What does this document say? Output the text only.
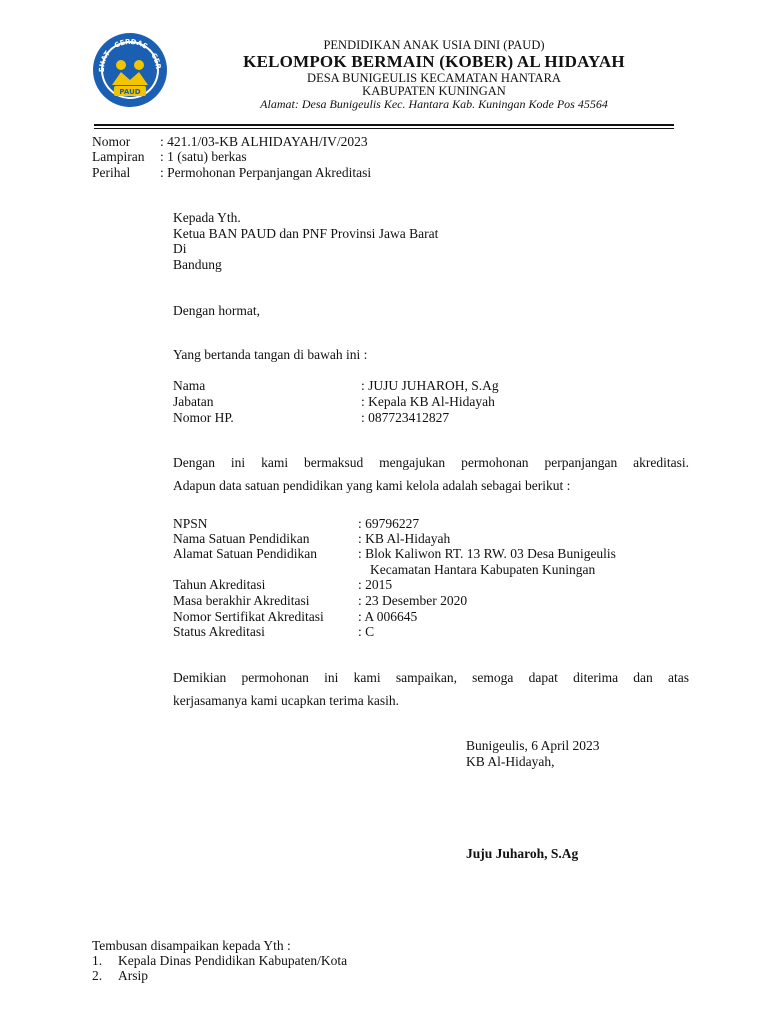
EHAT · CERDAS · CER
PAUD
PENDIDIKAN ANAK USIA DINI (PAUD)
KELOMPOK BERMAIN (KOBER) AL HIDAYAH
DESA BUNIGEULIS KECAMATAN HANTARA
KABUPATEN KUNINGAN
Alamat: Desa Bunigeulis Kec. Hantara Kab. Kuningan Kode Pos 45564
Nomor : 421.1/03-KB ALHIDAYAH/IV/2023
Lampiran : 1 (satu) berkas
Perihal : Permohonan Perpanjangan Akreditasi
Kepada Yth.
Ketua BAN PAUD dan PNF Provinsi Jawa Barat
Di
Bandung
Dengan hormat,
Yang bertanda tangan di bawah ini :
Nama	: JUJU JUHAROH, S.Ag
Jabatan	: Kepala KB Al-Hidayah
Nomor HP.	: 087723412827
Dengan ini kami bermaksud mengajukan permohonan perpanjangan akreditasi.
Adapun data satuan pendidikan yang kami kelola adalah sebagai berikut :
NPSN	: 69796227
Nama Satuan Pendidikan	: KB Al-Hidayah
Alamat Satuan Pendidikan	: Blok Kaliwon RT. 13 RW. 03 Desa Bunigeulis
Kecamatan Hantara Kabupaten Kuningan
Tahun Akreditasi	: 2015
Masa berakhir Akreditasi	: 23 Desember 2020
Nomor Sertifikat Akreditasi	: A 006645
Status Akreditasi	: C
Demikian permohonan ini kami sampaikan, semoga dapat diterima dan atas
kerjasamanya kami ucapkan terima kasih.
Bunigeulis, 6 April 2023
KB Al-Hidayah,
Juju Juharoh, S.Ag
Tembusan disampaikan kepada Yth :
1. Kepala Dinas Pendidikan Kabupaten/Kota
2. Arsip
